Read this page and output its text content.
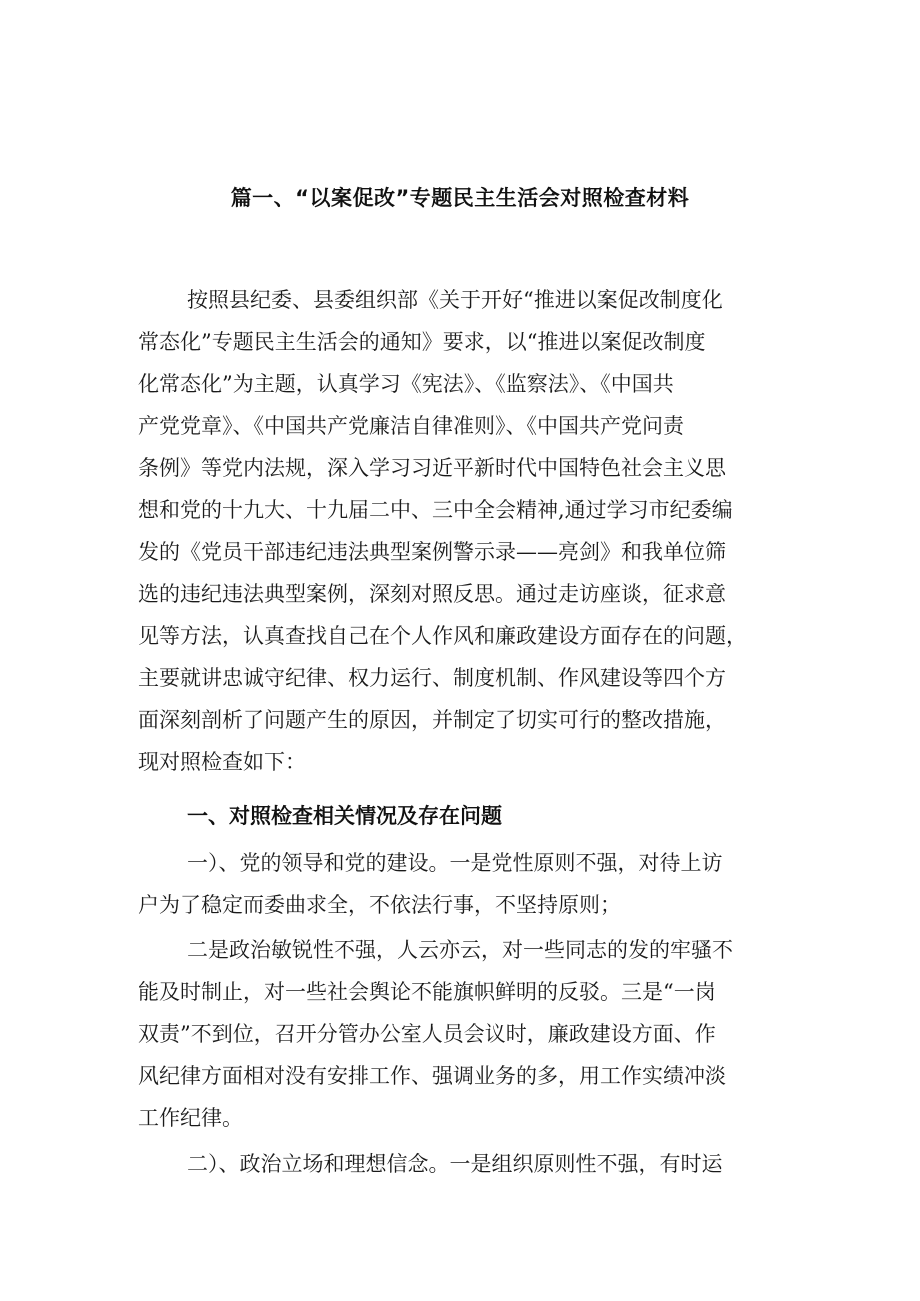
篇一、“以案促改”专题民主生活会对照检查材料

按照县纪委、县委组织部《关于开好“推进以案促改制度化

常态化”专题民主生活会的通知》要求，以“推进以案促改制度

化常态化”为主题，认真学习《宪法》、《监察法》、《中国共

产党党章》、《中国共产党廉洁自律准则》、《中国共产党问责

条例》等党内法规，深入学习习近平新时代中国特色社会主义思

想和党的十九大、十九届二中、三中全会精神,通过学习市纪委编

发的《党员干部违纪违法典型案例警示录——亮剑》和我单位筛

选的违纪违法典型案例，深刻对照反思。通过走访座谈，征求意

见等方法，认真查找自己在个人作风和廉政建设方面存在的问题，

主要就讲忠诚守纪律、权力运行、制度机制、作风建设等四个方

面深刻剖析了问题产生的原因，并制定了切实可行的整改措施，

现对照检查如下：

一、对照检查相关情况及存在问题

一）、党的领导和党的建设。一是党性原则不强，对待上访

户为了稳定而委曲求全，不依法行事，不坚持原则；

二是政治敏锐性不强，人云亦云，对一些同志的发的牢骚不

能及时制止，对一些社会舆论不能旗帜鲜明的反驳。三是“一岗

双责”不到位，召开分管办公室人员会议时，廉政建设方面、作

风纪律方面相对没有安排工作、强调业务的多，用工作实绩冲淡

工作纪律。

二）、政治立场和理想信念。一是组织原则性不强，有时运
